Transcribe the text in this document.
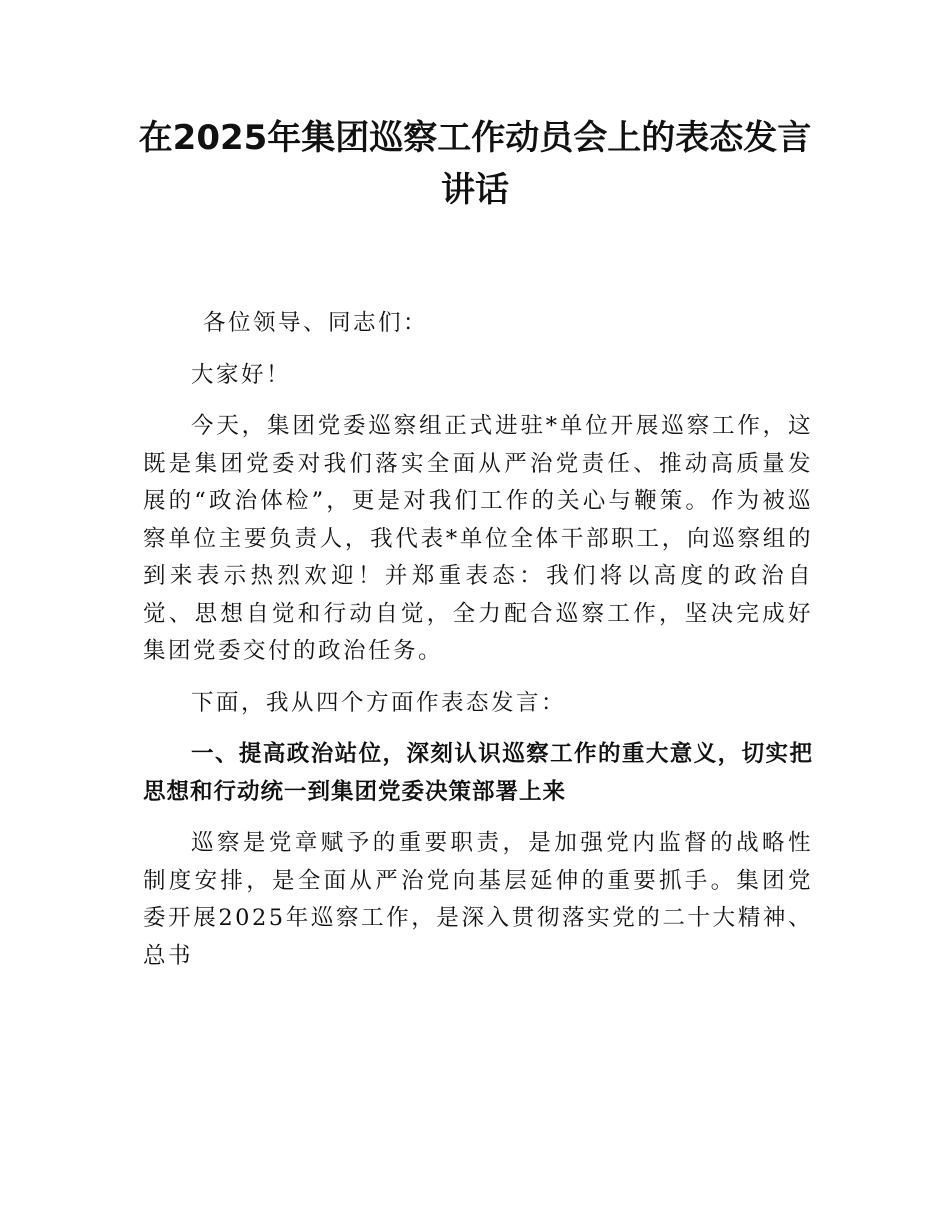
在2025年集团巡察工作动员会上的表态发言
讲话

各位领导、同志们：

大家好！

今天，集团党委巡察组正式进驻*单位开展巡察工作，这既是集团党委对我们落实全面从严治党责任、推动高质量发展的“政治体检”，更是对我们工作的关心与鞭策。作为被巡察单位主要负责人，我代表*单位全体干部职工，向巡察组的到来表示热烈欢迎！并郑重表态：我们将以高度的政治自觉、思想自觉和行动自觉，全力配合巡察工作，坚决完成好集团党委交付的政治任务。

下面，我从四个方面作表态发言：

一、提高政治站位，深刻认识巡察工作的重大意义，切实把思想和行动统一到集团党委决策部署上来

巡察是党章赋予的重要职责，是加强党内监督的战略性制度安排，是全面从严治党向基层延伸的重要抓手。集团党委开展2025年巡察工作，是深入贯彻落实党的二十大精神、总书
